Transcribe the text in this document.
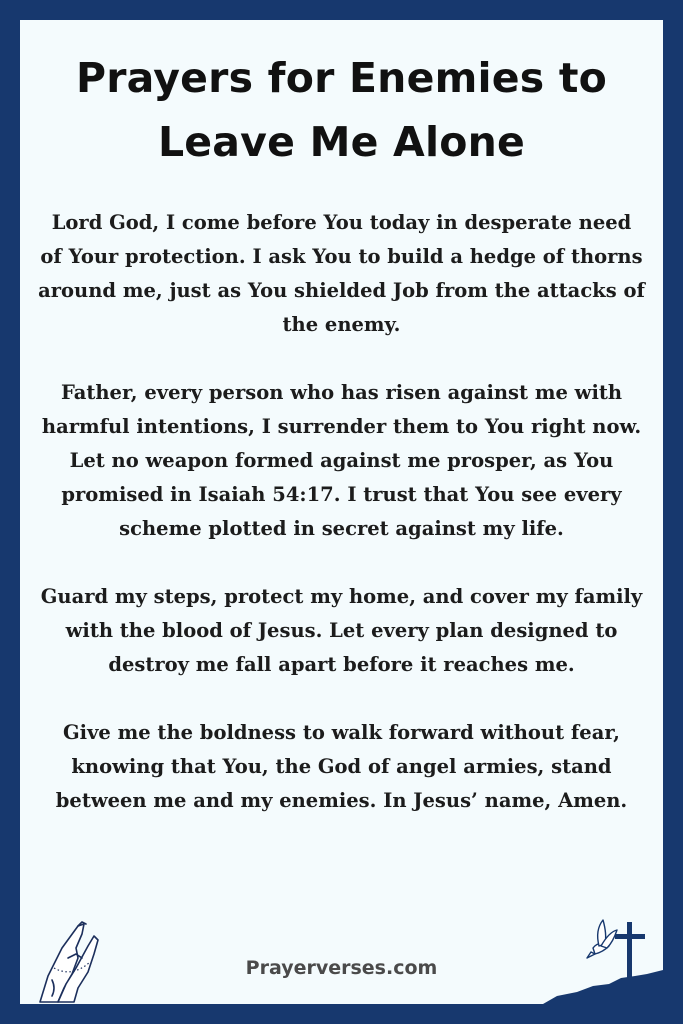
Prayers for Enemies to Leave Me Alone

Lord God, I come before You today in desperate need of Your protection. I ask You to build a hedge of thorns around me, just as You shielded Job from the attacks of the enemy.

Father, every person who has risen against me with harmful intentions, I surrender them to You right now. Let no weapon formed against me prosper, as You promised in Isaiah 54:17. I trust that You see every scheme plotted in secret against my life.

Guard my steps, protect my home, and cover my family with the blood of Jesus. Let every plan designed to destroy me fall apart before it reaches me.

Give me the boldness to walk forward without fear, knowing that You, the God of angel armies, stand between me and my enemies. In Jesus’ name, Amen.

Prayerverses.com
